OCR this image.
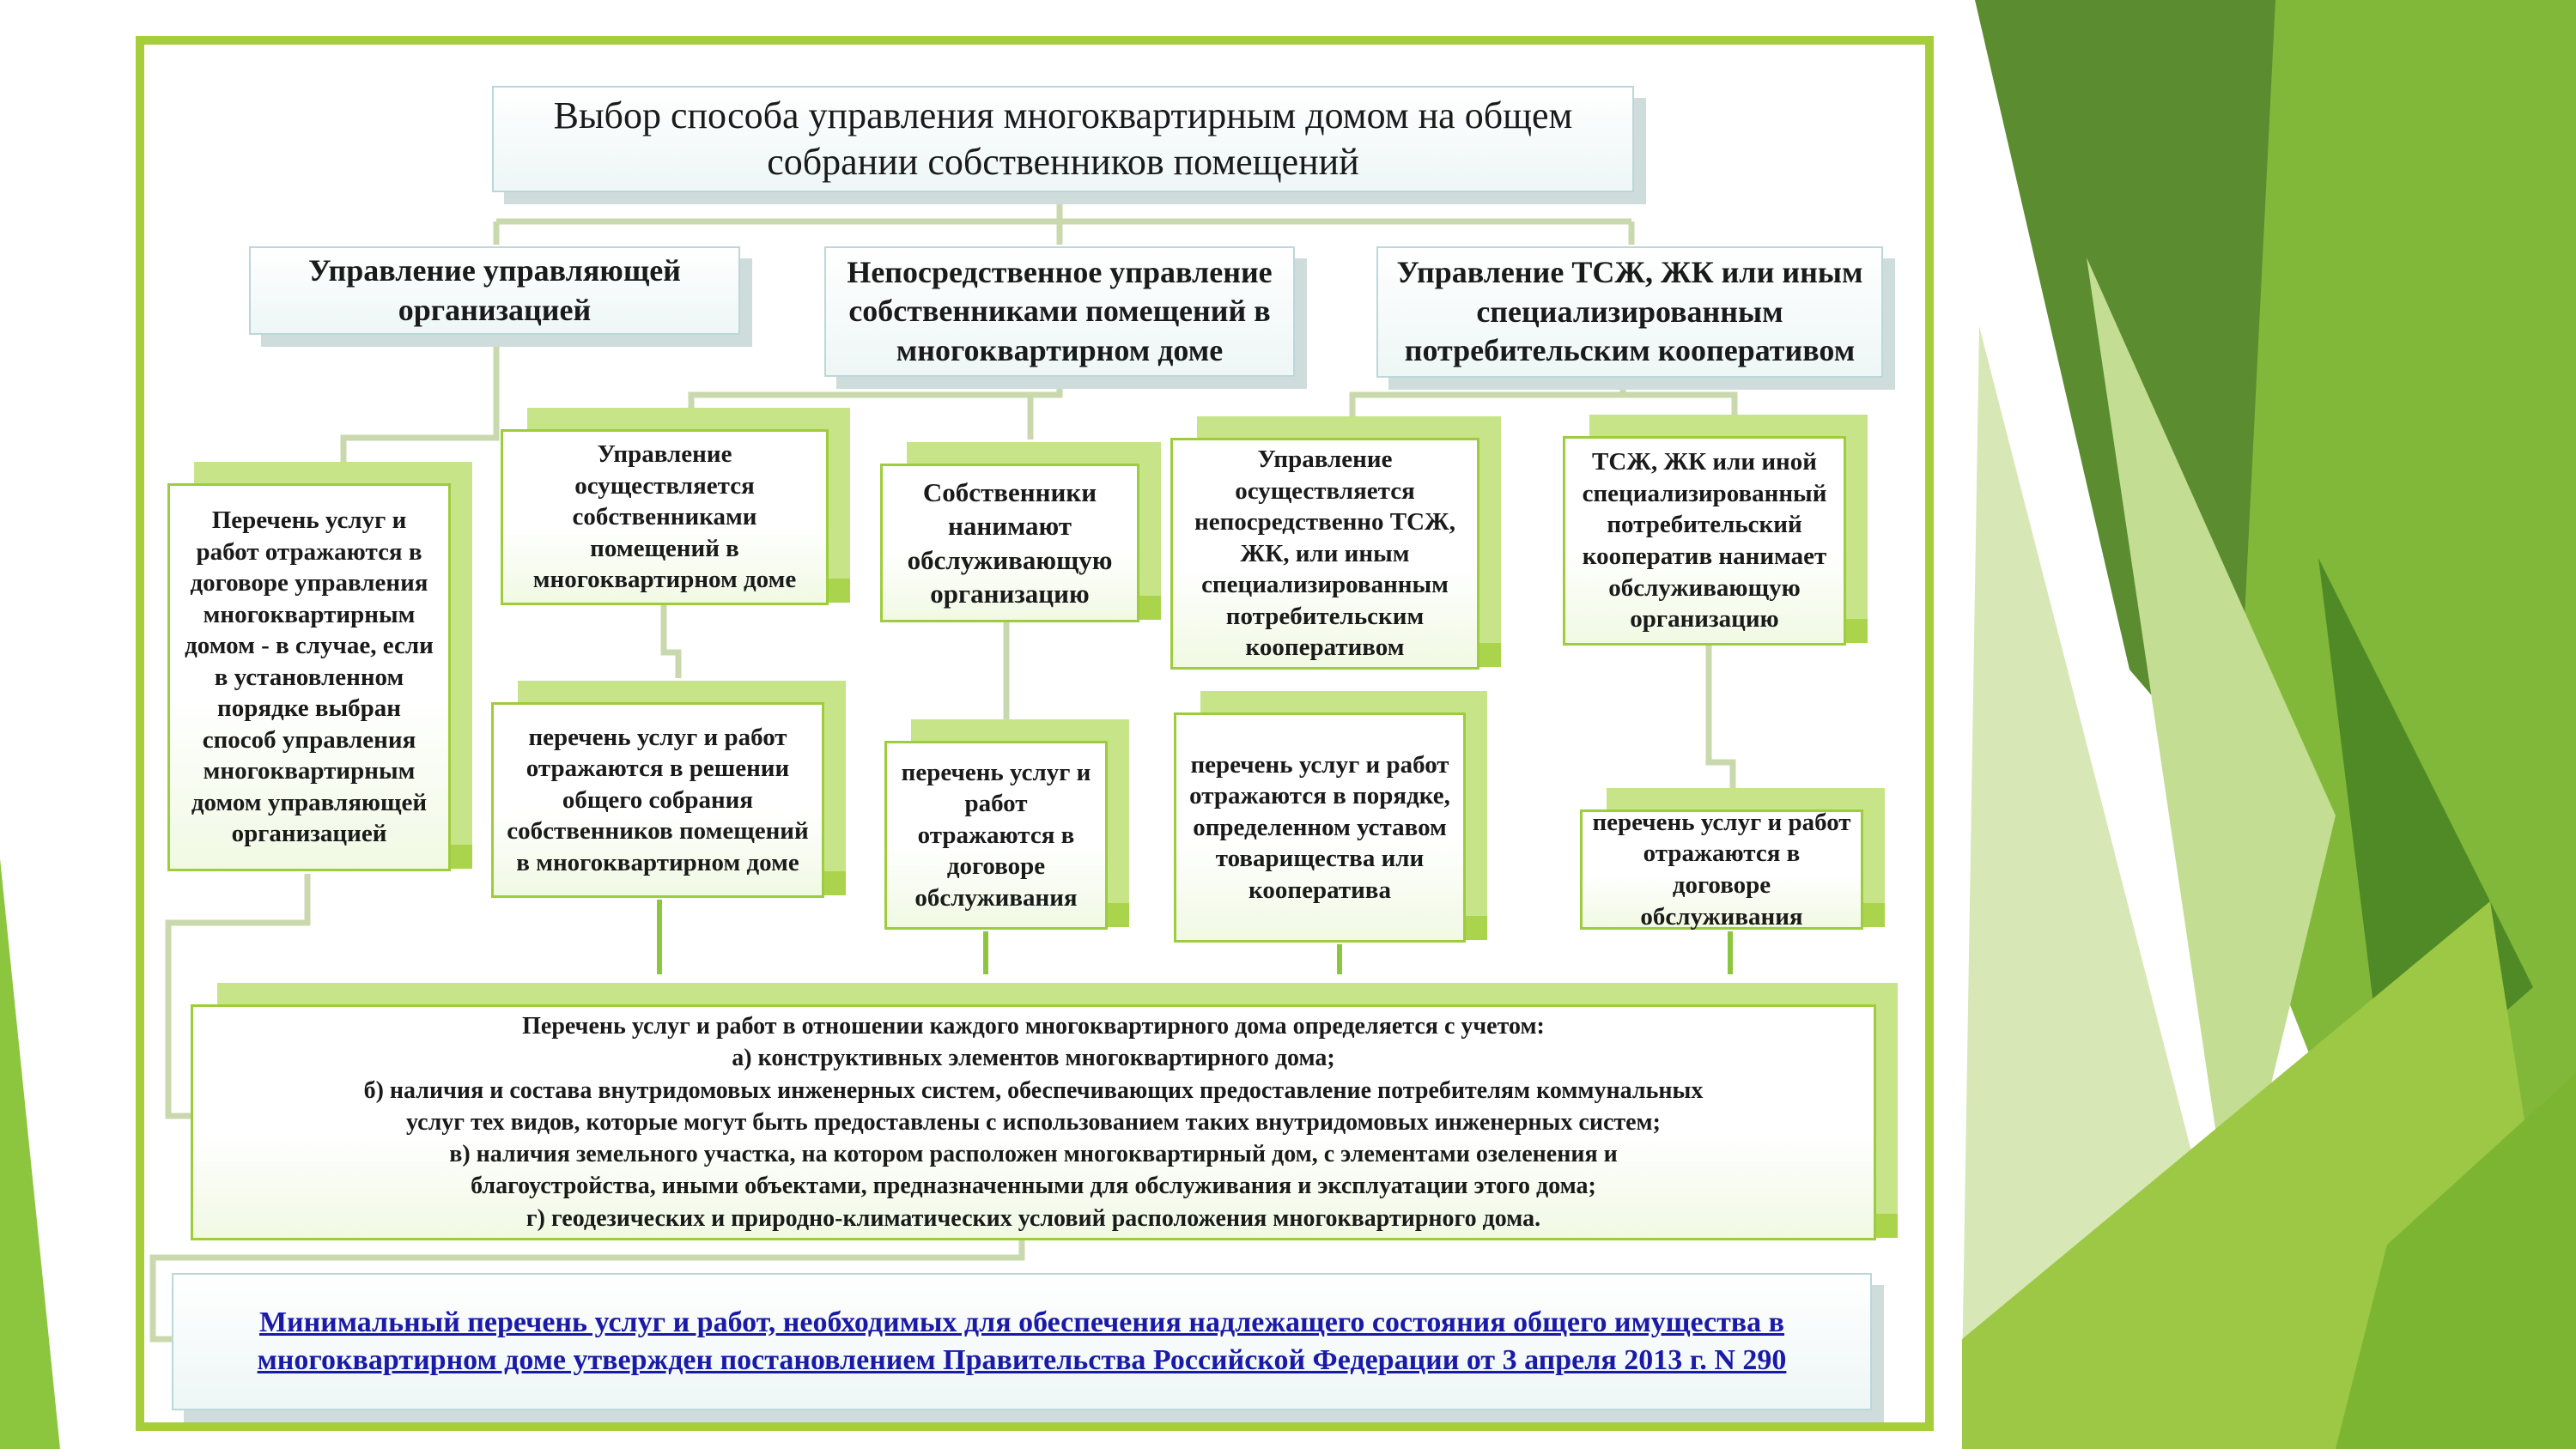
Выбор способа управления многоквартирным домом на общем собрании собственников помещений
Управление управляющей организацией
Непосредственное управление собственниками помещений в многоквартирном доме
Управление ТСЖ, ЖК или иным специализированным потребительским кооперативом
Перечень услуг и работ отражаются в договоре управления многоквартирным домом - в случае, если в установленном порядке выбран способ управления многоквартирным домом управляющей организацией
Управление осуществляется собственниками помещений в многоквартирном доме
перечень услуг и работ отражаются в решении общего собрания собственников помещений в многоквартирном доме
Собственники нанимают обслуживающую организацию
перечень услуг и работ отражаются в договоре обслуживания
Управление осуществляется непосредственно ТСЖ, ЖК, или иным специализированным потребительским кооперативом
перечень услуг и работ отражаются в порядке, определенном уставом товарищества или кооператива
ТСЖ, ЖК или иной специализированный потребительский кооператив нанимает обслуживающую организацию
перечень услуг и работ отражаются в договоре обслуживания
Перечень услуг и работ в отношении каждого многоквартирного дома определяется с учетом:
а) конструктивных элементов многоквартирного дома;
б) наличия и состава внутридомовых инженерных систем, обеспечивающих предоставление потребителям коммунальных
услуг тех видов, которые могут быть предоставлены с использованием таких внутридомовых инженерных систем;
в) наличия земельного участка, на котором расположен многоквартирный дом, с элементами озеленения и
благоустройства, иными объектами, предназначенными для обслуживания и эксплуатации этого дома;
г) геодезических и природно-климатических условий расположения многоквартирного дома.
Минимальный перечень услуг и работ, необходимых для обеспечения надлежащего состояния общего имущества в многоквартирном доме утвержден постановлением Правительства Российской Федерации от 3 апреля 2013 г. N 290
